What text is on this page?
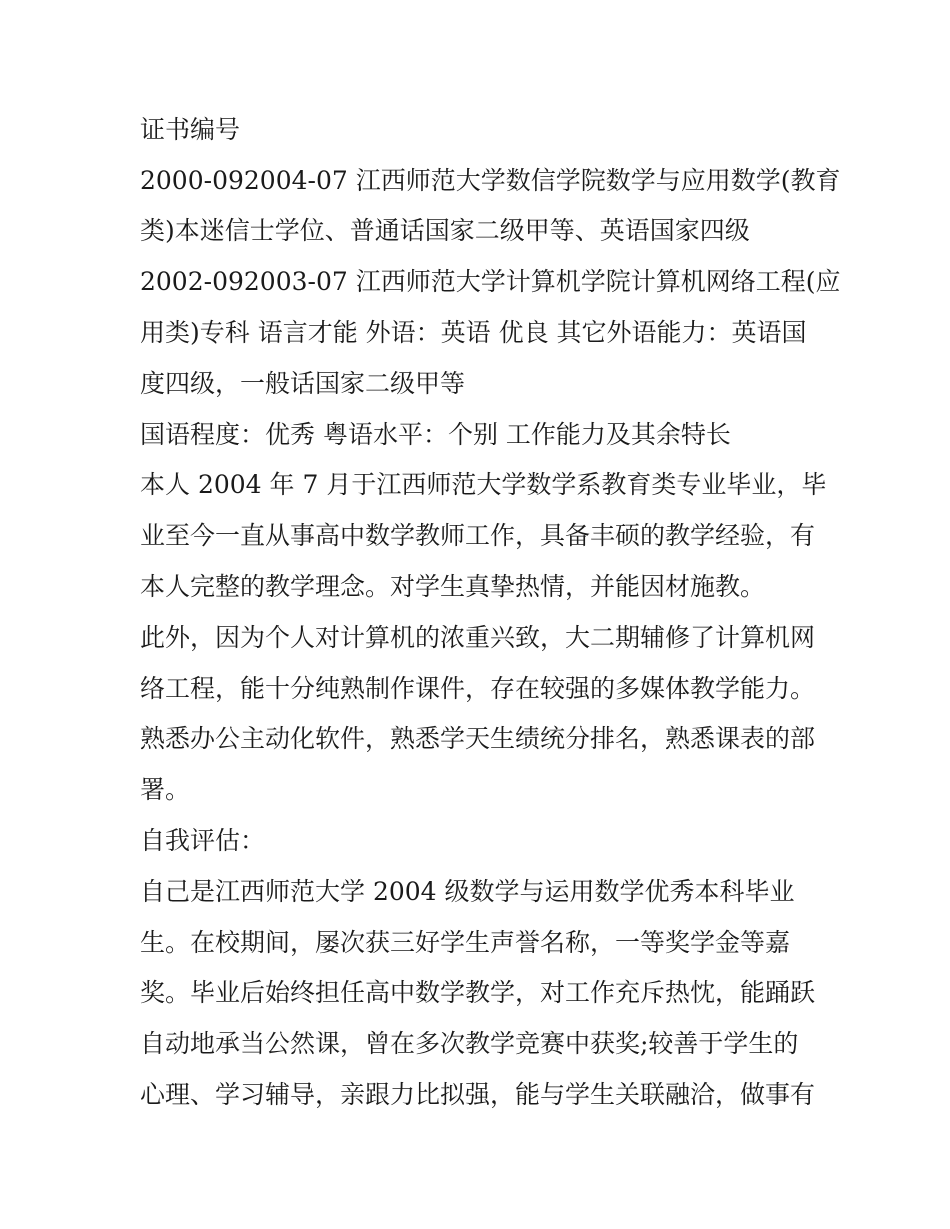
证书编号
2000-092004-07 江西师范大学数信学院数学与应用数学(教育
类)本迷信士学位、普通话国家二级甲等、英语国家四级
2002-092003-07 江西师范大学计算机学院计算机网络工程(应
用类)专科 语言才能 外语：英语 优良 其它外语能力：英语国
度四级，一般话国家二级甲等
国语程度：优秀 粤语水平：个别 工作能力及其余特长
本人 2004 年 7 月于江西师范大学数学系教育类专业毕业，毕
业至今一直从事高中数学教师工作，具备丰硕的教学经验，有
本人完整的教学理念。对学生真挚热情，并能因材施教。
此外，因为个人对计算机的浓重兴致，大二期辅修了计算机网
络工程，能十分纯熟制作课件，存在较强的多媒体教学能力。
熟悉办公主动化软件，熟悉学天生绩统分排名，熟悉课表的部
署。
自我评估：
自己是江西师范大学 2004 级数学与运用数学优秀本科毕业
生。在校期间，屡次获三好学生声誉名称，一等奖学金等嘉
奖。毕业后始终担任高中数学教学，对工作充斥热忱，能踊跃
自动地承当公然课，曾在多次教学竞赛中获奖;较善于学生的
心理、学习辅导，亲跟力比拟强，能与学生关联融洽，做事有
